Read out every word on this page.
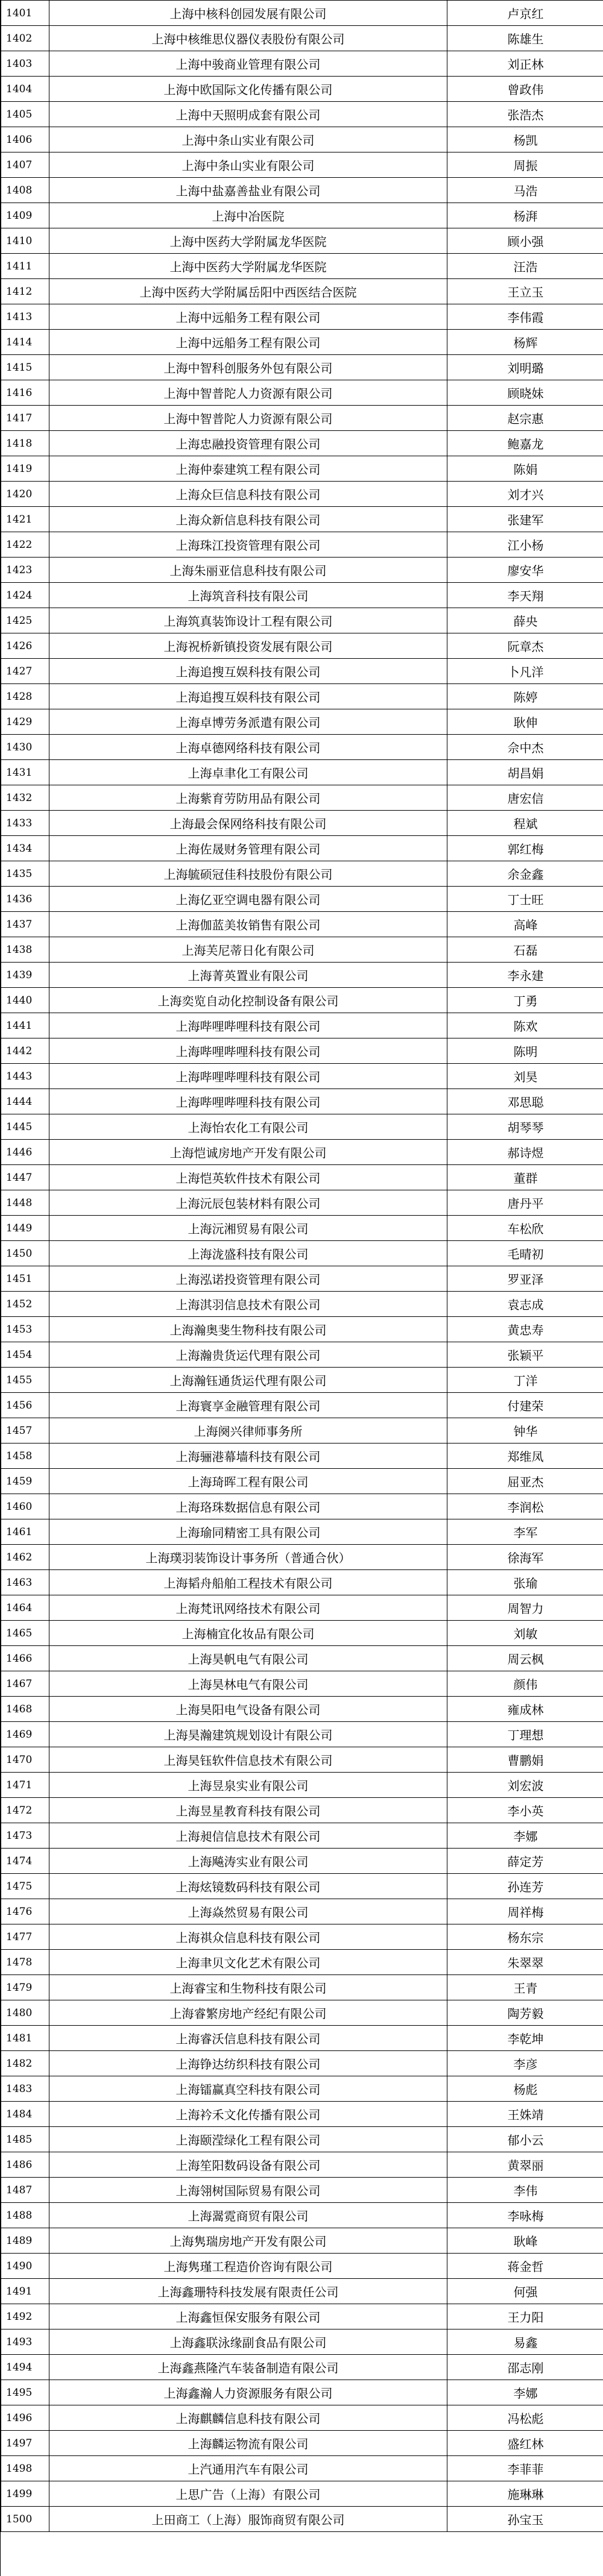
1401	上海中核科创园发展有限公司	卢京红
1402	上海中核维思仪器仪表股份有限公司	陈雄生
1403	上海中骏商业管理有限公司	刘正林
1404	上海中欧国际文化传播有限公司	曾政伟
1405	上海中天照明成套有限公司	张浩杰
1406	上海中条山实业有限公司	杨凯
1407	上海中条山实业有限公司	周振
1408	上海中盐嘉善盐业有限公司	马浩
1409	上海中冶医院	杨湃
1410	上海中医药大学附属龙华医院	顾小强
1411	上海中医药大学附属龙华医院	汪浩
1412	上海中医药大学附属岳阳中西医结合医院	王立玉
1413	上海中远船务工程有限公司	李伟霞
1414	上海中远船务工程有限公司	杨辉
1415	上海中智科创服务外包有限公司	刘明璐
1416	上海中智普陀人力资源有限公司	顾晓妹
1417	上海中智普陀人力资源有限公司	赵宗惠
1418	上海忠融投资管理有限公司	鲍嘉龙
1419	上海仲泰建筑工程有限公司	陈娟
1420	上海众巨信息科技有限公司	刘才兴
1421	上海众新信息科技有限公司	张建军
1422	上海珠江投资管理有限公司	江小杨
1423	上海朱丽亚信息科技有限公司	廖安华
1424	上海筑音科技有限公司	李天翔
1425	上海筑真装饰设计工程有限公司	薛央
1426	上海祝桥新镇投资发展有限公司	阮章杰
1427	上海追搜互娱科技有限公司	卜凡洋
1428	上海追搜互娱科技有限公司	陈婷
1429	上海卓博劳务派遣有限公司	耿伸
1430	上海卓德网络科技有限公司	佘中杰
1431	上海卓聿化工有限公司	胡昌娟
1432	上海紫育劳防用品有限公司	唐宏信
1433	上海最会保网络科技有限公司	程斌
1434	上海佐晟财务管理有限公司	郭红梅
1435	上海毓硕冠佳科技股份有限公司	余金鑫
1436	上海亿亚空调电器有限公司	丁士旺
1437	上海伽蓝美妆销售有限公司	高峰
1438	上海芙尼蒂日化有限公司	石磊
1439	上海菁英置业有限公司	李永建
1440	上海奕览自动化控制设备有限公司	丁勇
1441	上海哔哩哔哩科技有限公司	陈欢
1442	上海哔哩哔哩科技有限公司	陈明
1443	上海哔哩哔哩科技有限公司	刘昊
1444	上海哔哩哔哩科技有限公司	邓思聪
1445	上海怡农化工有限公司	胡琴琴
1446	上海恺诚房地产开发有限公司	郝诗煜
1447	上海恺英软件技术有限公司	董群
1448	上海沅辰包装材料有限公司	唐丹平
1449	上海沅湘贸易有限公司	车松欣
1450	上海泷盛科技有限公司	毛晴初
1451	上海泓诺投资管理有限公司	罗亚泽
1452	上海淇羽信息技术有限公司	袁志成
1453	上海瀚奥斐生物科技有限公司	黄忠寿
1454	上海瀚贵货运代理有限公司	张颖平
1455	上海瀚钰通货运代理有限公司	丁洋
1456	上海寰享金融管理有限公司	付建荣
1457	上海阕兴律师事务所	钟华
1458	上海骊港幕墙科技有限公司	郑维凤
1459	上海琦晖工程有限公司	屈亚杰
1460	上海珞珠数据信息有限公司	李润松
1461	上海瑜同精密工具有限公司	李军
1462	上海璞羽装饰设计事务所（普通合伙）	徐海军
1463	上海韬舟船舶工程技术有限公司	张瑜
1464	上海梵讯网络技术有限公司	周智力
1465	上海楠宜化妆品有限公司	刘敏
1466	上海昊帆电气有限公司	周云枫
1467	上海昊林电气有限公司	颜伟
1468	上海昊阳电气设备有限公司	雍成林
1469	上海昊瀚建筑规划设计有限公司	丁理想
1470	上海昊钰软件信息技术有限公司	曹鹏娟
1471	上海昱泉实业有限公司	刘宏波
1472	上海昱星教育科技有限公司	李小英
1473	上海昶信信息技术有限公司	李娜
1474	上海飚涛实业有限公司	薛定芳
1475	上海炫镜数码科技有限公司	孙连芳
1476	上海焱然贸易有限公司	周祥梅
1477	上海祺众信息科技有限公司	杨东宗
1478	上海聿贝文化艺术有限公司	朱翠翠
1479	上海睿宝和生物科技有限公司	王青
1480	上海睿繁房地产经纪有限公司	陶芳毅
1481	上海睿沃信息科技有限公司	李乾坤
1482	上海铮达纺织科技有限公司	李彦
1483	上海镭赢真空科技有限公司	杨彪
1484	上海衿禾文化传播有限公司	王姝靖
1485	上海颐滢绿化工程有限公司	郁小云
1486	上海笙阳数码设备有限公司	黄翠丽
1487	上海翎树国际贸易有限公司	李伟
1488	上海翯霓商贸有限公司	李咏梅
1489	上海隽瑞房地产开发有限公司	耿峰
1490	上海隽瑾工程造价咨询有限公司	蒋金哲
1491	上海鑫珊特科技发展有限责任公司	何强
1492	上海鑫恒保安服务有限公司	王力阳
1493	上海鑫联泳缘副食品有限公司	易鑫
1494	上海鑫燕隆汽车装备制造有限公司	邵志刚
1495	上海鑫瀚人力资源服务有限公司	李娜
1496	上海麒麟信息科技有限公司	冯松彪
1497	上海麟运物流有限公司	盛红林
1498	上汽通用汽车有限公司	李菲菲
1499	上思广告（上海）有限公司	施琳琳
1500	上田商工（上海）服饰商贸有限公司	孙宝玉
